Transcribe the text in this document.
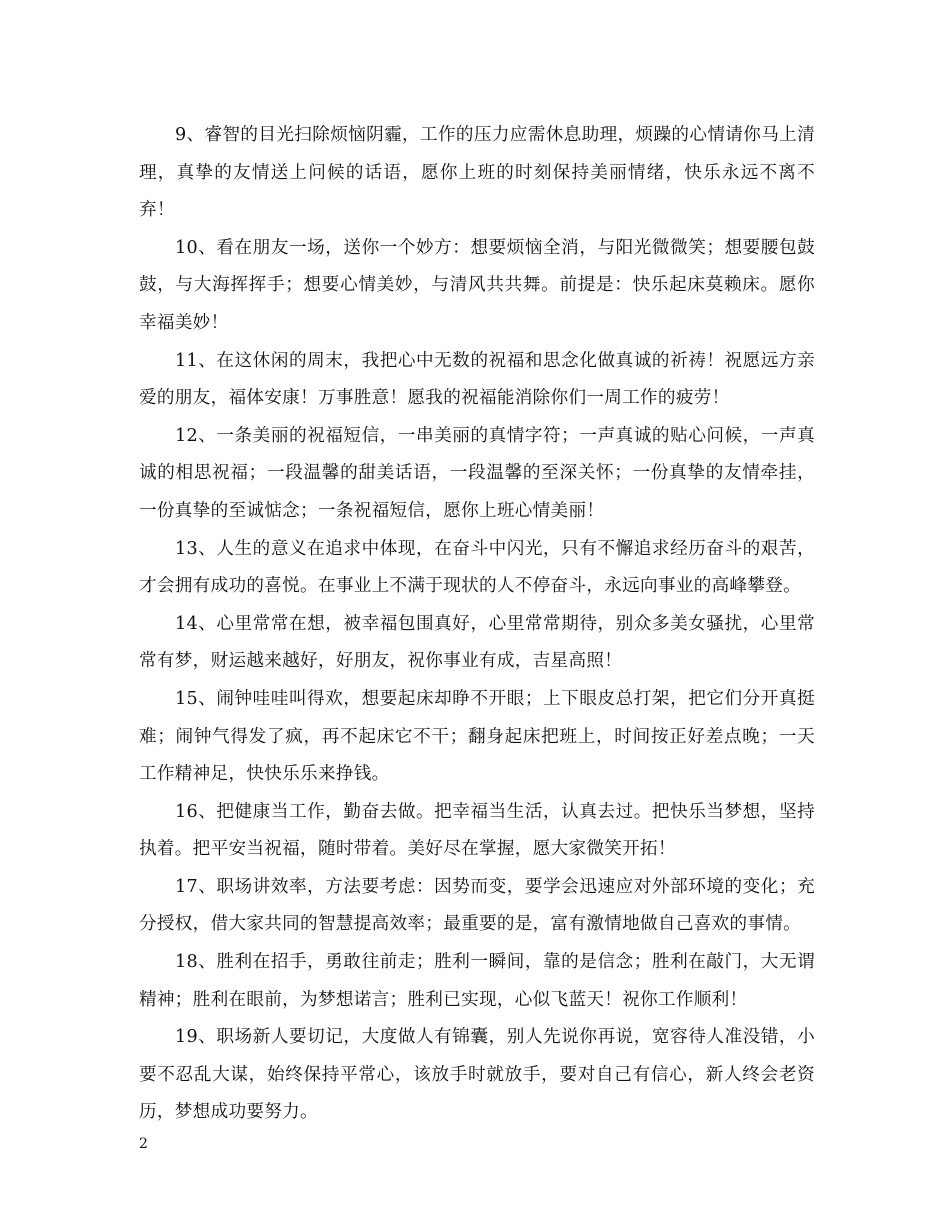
9、睿智的目光扫除烦恼阴霾，工作的压力应需休息助理，烦躁的心情请你马上清理，真挚的友情送上问候的话语，愿你上班的时刻保持美丽情绪，快乐永远不离不弃！

10、看在朋友一场，送你一个妙方：想要烦恼全消，与阳光微微笑；想要腰包鼓鼓，与大海挥挥手；想要心情美妙，与清风共共舞。前提是：快乐起床莫赖床。愿你幸福美妙！

11、在这休闲的周末，我把心中无数的祝福和思念化做真诚的祈祷！祝愿远方亲爱的朋友，福体安康！万事胜意！愿我的祝福能消除你们一周工作的疲劳！

12、一条美丽的祝福短信，一串美丽的真情字符；一声真诚的贴心问候，一声真诚的相思祝福；一段温馨的甜美话语，一段温馨的至深关怀；一份真挚的友情牵挂，一份真挚的至诚惦念；一条祝福短信，愿你上班心情美丽！

13、人生的意义在追求中体现，在奋斗中闪光，只有不懈追求经历奋斗的艰苦，才会拥有成功的喜悦。在事业上不满于现状的人不停奋斗，永远向事业的高峰攀登。

14、心里常常在想，被幸福包围真好，心里常常期待，别众多美女骚扰，心里常常有梦，财运越来越好，好朋友，祝你事业有成，吉星高照！

15、闹钟哇哇叫得欢，想要起床却睁不开眼；上下眼皮总打架，把它们分开真挺难；闹钟气得发了疯，再不起床它不干；翻身起床把班上，时间按正好差点晚；一天工作精神足，快快乐乐来挣钱。

16、把健康当工作，勤奋去做。把幸福当生活，认真去过。把快乐当梦想，坚持执着。把平安当祝福，随时带着。美好尽在掌握，愿大家微笑开拓！

17、职场讲效率，方法要考虑：因势而变，要学会迅速应对外部环境的变化；充分授权，借大家共同的智慧提高效率；最重要的是，富有激情地做自己喜欢的事情。

18、胜利在招手，勇敢往前走；胜利一瞬间，靠的是信念；胜利在敲门，大无谓精神；胜利在眼前，为梦想诺言；胜利已实现，心似飞蓝天！祝你工作顺利！

19、职场新人要切记，大度做人有锦囊，别人先说你再说，宽容待人准没错，小要不忍乱大谋，始终保持平常心，该放手时就放手，要对自己有信心，新人终会老资历，梦想成功要努力。

2
